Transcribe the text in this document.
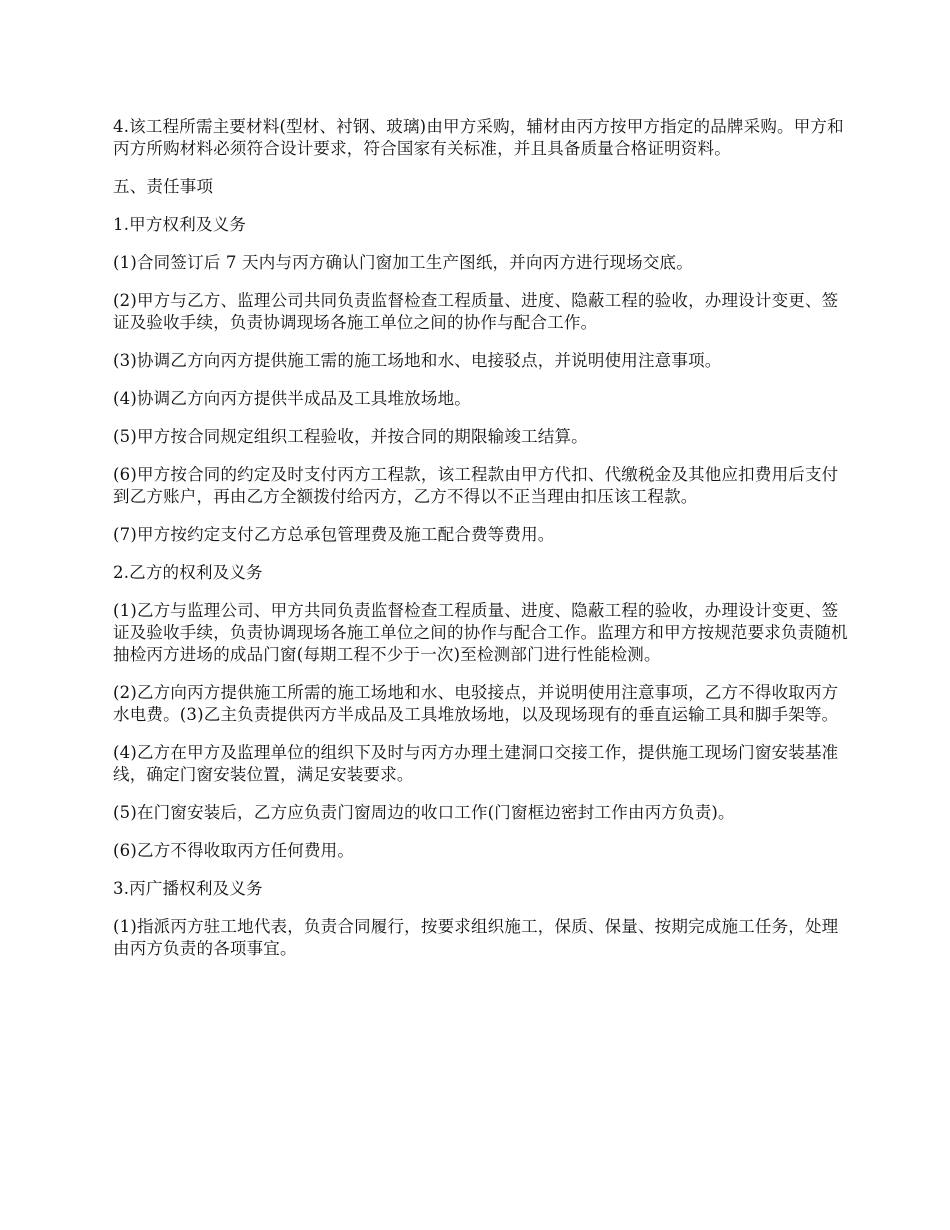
4.该工程所需主要材料(型材、衬钢、玻璃)由甲方采购，辅材由丙方按甲方指定的品牌采购。甲方和丙方所购材料必须符合设计要求，符合国家有关标准，并且具备质量合格证明资料。

五、责任事项

1.甲方权利及义务

(1)合同签订后 7 天内与丙方确认门窗加工生产图纸，并向丙方进行现场交底。

(2)甲方与乙方、监理公司共同负责监督检查工程质量、进度、隐蔽工程的验收，办理设计变更、签证及验收手续，负责协调现场各施工单位之间的协作与配合工作。

(3)协调乙方向丙方提供施工需的施工场地和水、电接驳点，并说明使用注意事项。

(4)协调乙方向丙方提供半成品及工具堆放场地。

(5)甲方按合同规定组织工程验收，并按合同的期限输竣工结算。

(6)甲方按合同的约定及时支付丙方工程款，该工程款由甲方代扣、代缴税金及其他应扣费用后支付到乙方账户，再由乙方全额拨付给丙方，乙方不得以不正当理由扣压该工程款。

(7)甲方按约定支付乙方总承包管理费及施工配合费等费用。

2.乙方的权利及义务

(1)乙方与监理公司、甲方共同负责监督检查工程质量、进度、隐蔽工程的验收，办理设计变更、签证及验收手续，负责协调现场各施工单位之间的协作与配合工作。监理方和甲方按规范要求负责随机抽检丙方进场的成品门窗(每期工程不少于一次)至检测部门进行性能检测。

(2)乙方向丙方提供施工所需的施工场地和水、电驳接点，并说明使用注意事项，乙方不得收取丙方水电费。(3)乙主负责提供丙方半成品及工具堆放场地，以及现场现有的垂直运输工具和脚手架等。

(4)乙方在甲方及监理单位的组织下及时与丙方办理土建洞口交接工作，提供施工现场门窗安装基准线，确定门窗安装位置，满足安装要求。

(5)在门窗安装后，乙方应负责门窗周边的收口工作(门窗框边密封工作由丙方负责)。

(6)乙方不得收取丙方任何费用。

3.丙广播权利及义务

(1)指派丙方驻工地代表，负责合同履行，按要求组织施工，保质、保量、按期完成施工任务，处理由丙方负责的各项事宜。
